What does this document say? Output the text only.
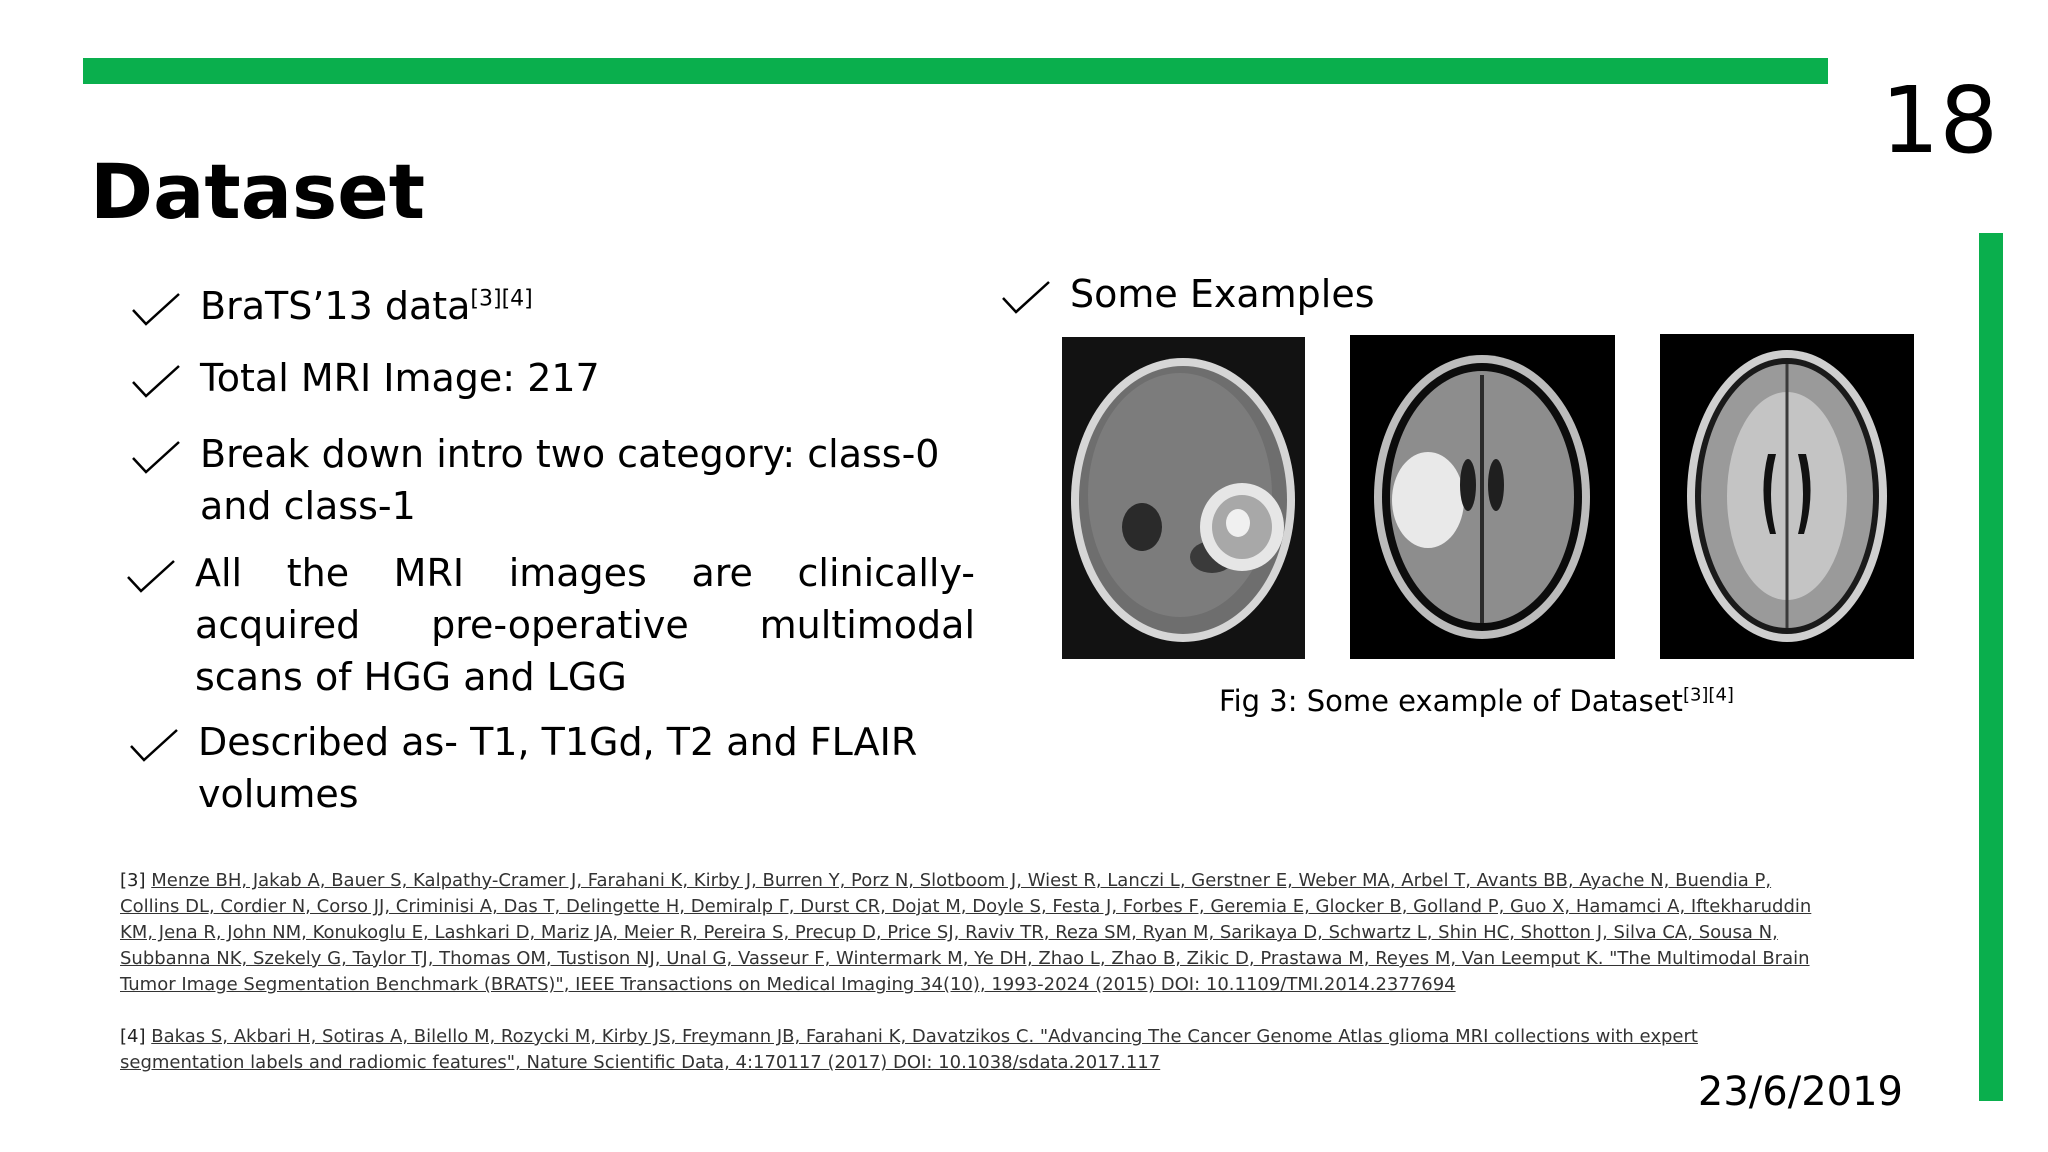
18
Dataset
BraTS’13 data[3][4]
Total MRI Image: 217
Break down intro two category: class-0 and class-1
All the MRI images are clinically-acquired pre-operative multimodal scans of HGG and LGG
Described as- T1, T1Gd, T2 and FLAIR volumes
Some Examples
Fig 3: Some example of Dataset[3][4]
[3] Menze BH, Jakab A, Bauer S, Kalpathy-Cramer J, Farahani K, Kirby J, Burren Y, Porz N, Slotboom J, Wiest R, Lanczi L, Gerstner E, Weber MA, Arbel T, Avants BB, Ayache N, Buendia P, Collins DL, Cordier N, Corso JJ, Criminisi A, Das T, Delingette H, Demiralp Γ, Durst CR, Dojat M, Doyle S, Festa J, Forbes F, Geremia E, Glocker B, Golland P, Guo X, Hamamci A, Iftekharuddin KM, Jena R, John NM, Konukoglu E, Lashkari D, Mariz JA, Meier R, Pereira S, Precup D, Price SJ, Raviv TR, Reza SM, Ryan M, Sarikaya D, Schwartz L, Shin HC, Shotton J, Silva CA, Sousa N, Subbanna NK, Szekely G, Taylor TJ, Thomas OM, Tustison NJ, Unal G, Vasseur F, Wintermark M, Ye DH, Zhao L, Zhao B, Zikic D, Prastawa M, Reyes M, Van Leemput K. "The Multimodal Brain Tumor Image Segmentation Benchmark (BRATS)", IEEE Transactions on Medical Imaging 34(10), 1993-2024 (2015) DOI: 10.1109/TMI.2014.2377694
[4] Bakas S, Akbari H, Sotiras A, Bilello M, Rozycki M, Kirby JS, Freymann JB, Farahani K, Davatzikos C. "Advancing The Cancer Genome Atlas glioma MRI collections with expert segmentation labels and radiomic features", Nature Scientific Data, 4:170117 (2017) DOI: 10.1038/sdata.2017.117
23/6/2019
